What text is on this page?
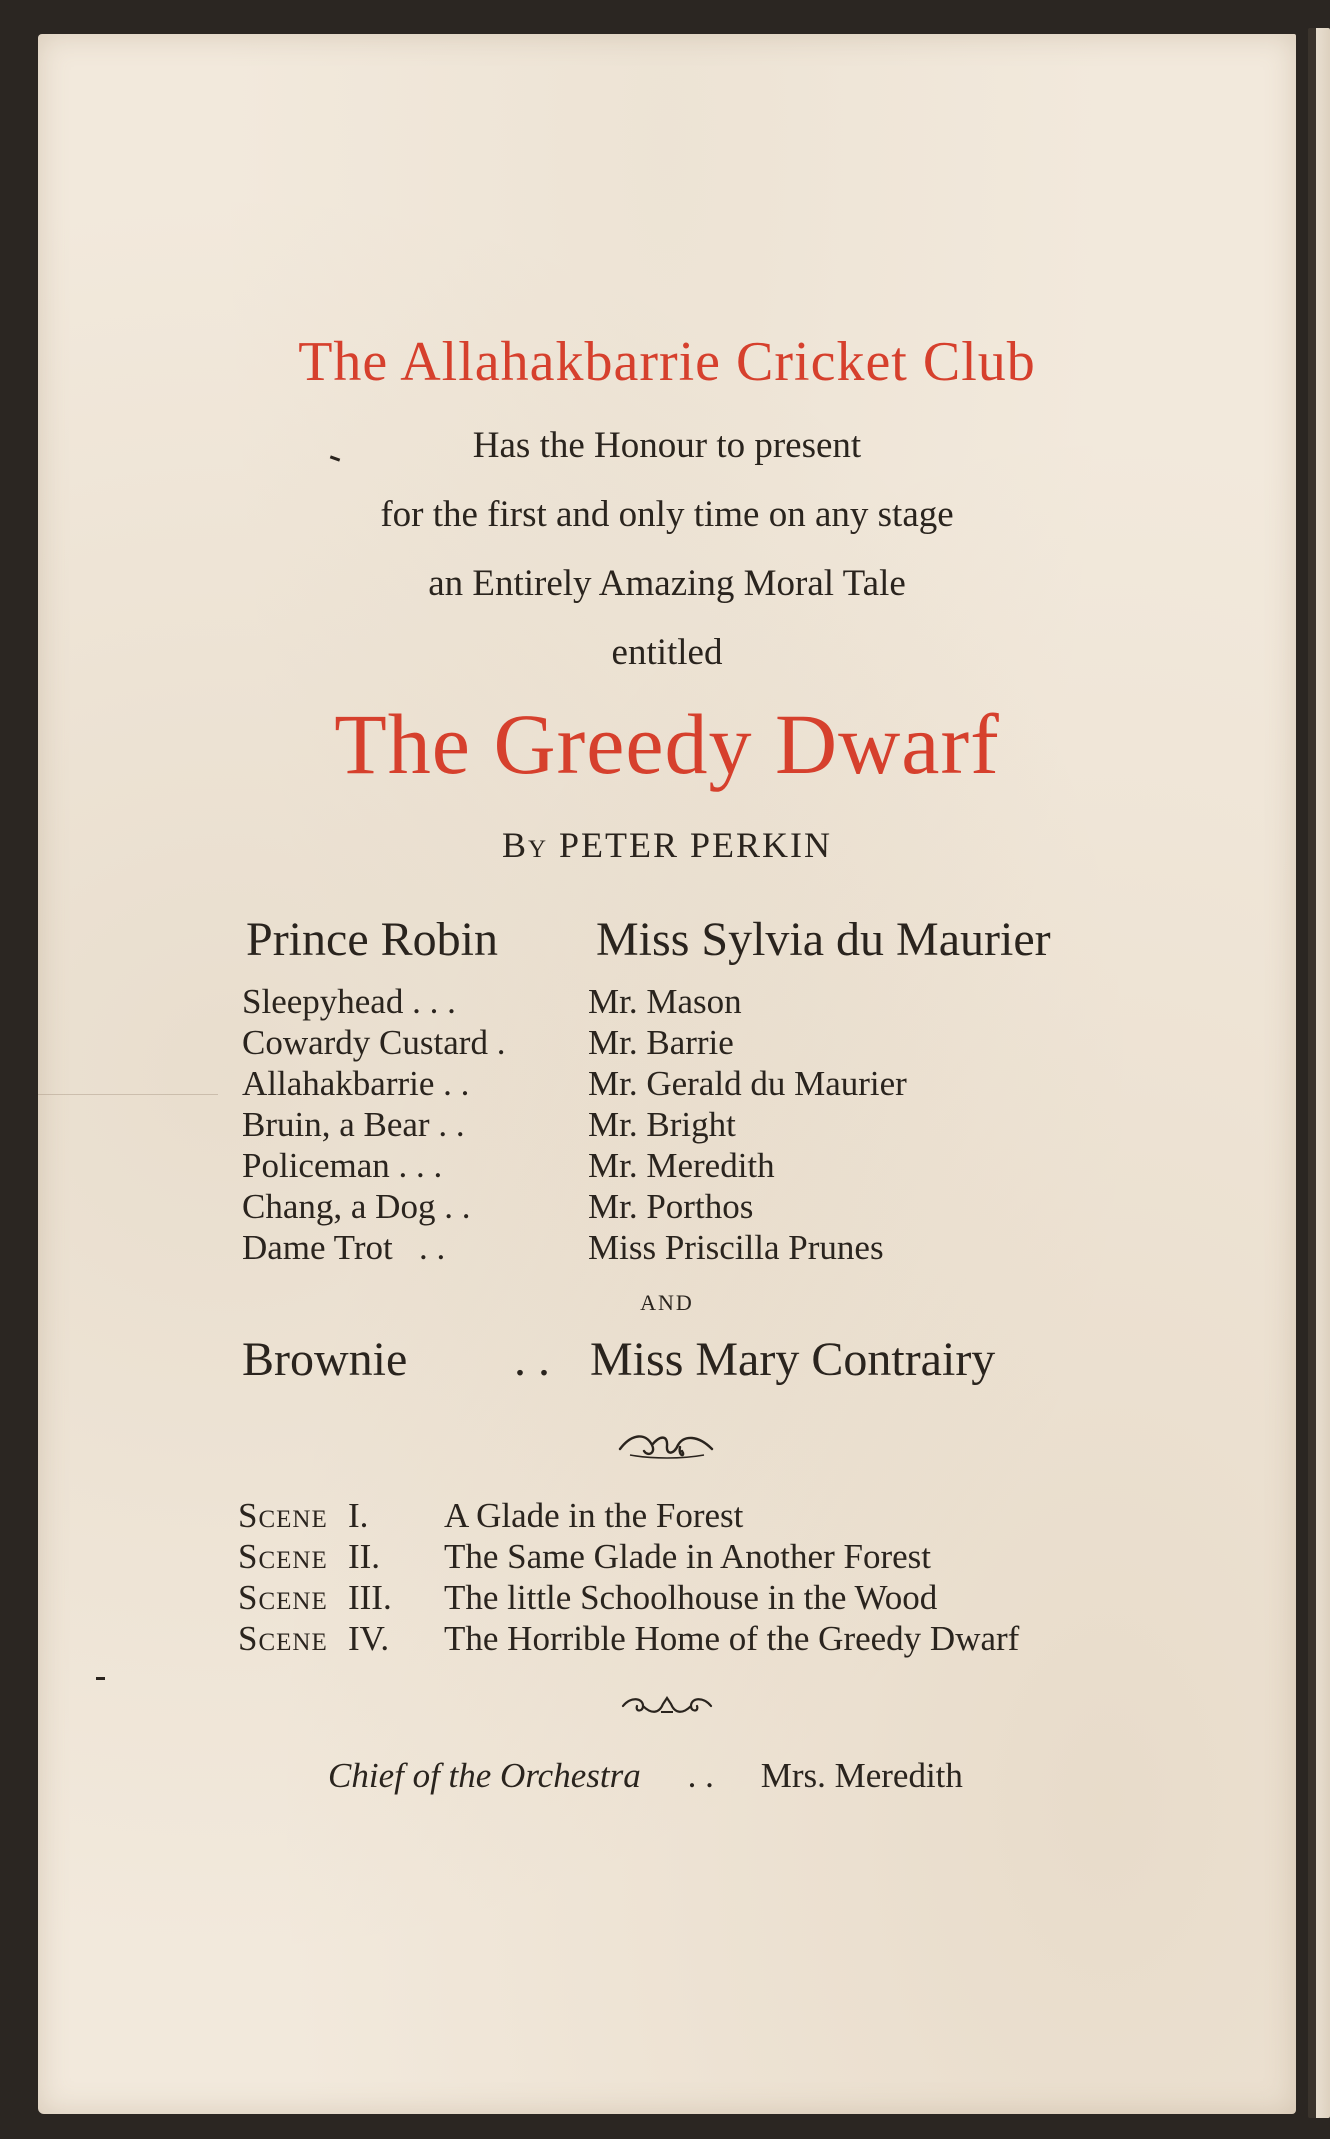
The Allahakbarrie Cricket Club
Has the Honour to present
for the first and only time on any stage
an Entirely Amazing Moral Tale
entitled
The Greedy Dwarf
By PETER PERKIN
Prince Robin Miss Sylvia du Maurier
Sleepyhead . . .	Mr. Mason
Cowardy Custard . Mr. Barrie
Allahakbarrie . .	Mr. Gerald du Maurier
Bruin, a Bear . .	Mr. Bright
Policeman . . .	Mr. Meredith
Chang, a Dog . .	Mr. Porthos
Dame Trot   . .	Miss Priscilla Prunes
AND
Brownie . . Miss Mary Contrairy
Scene I. A Glade in the Forest
Scene II. The Same Glade in Another Forest
Scene III. The little Schoolhouse in the Wood
Scene IV. The Horrible Home of the Greedy Dwarf
Chief of the Orchestra . . Mrs. Meredith
